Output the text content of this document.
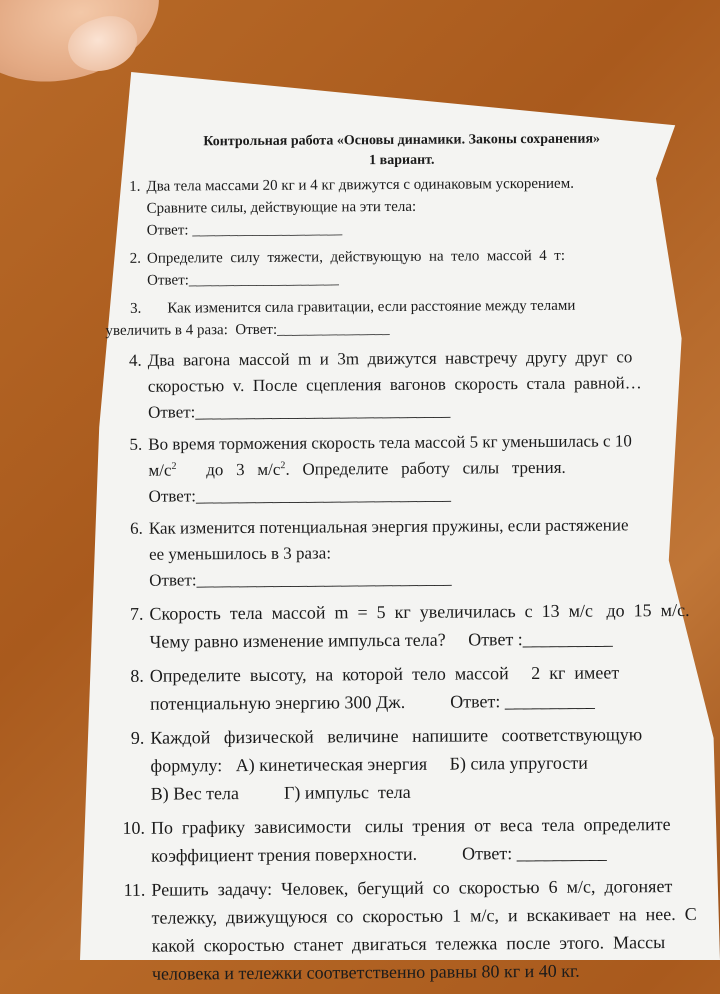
Контрольная работа «Основы динамики. Законы сохранения»
1 вариант.
1. Два тела массами 20 кг и 4 кг движутся с одинаковым ускорением.
Сравните силы, действующие на эти тела:
Ответ: ____________________
2. Определите  силу  тяжести,  действующую  на  тело  массой  4  т:
Ответ:____________________
3.	Как изменится сила гравитации, если расстояние между телами
увеличить в 4 раза:  Ответ:_______________
4. Два  вагона  массой  m  и  3m  движутся  навстречу  другу  друг  со
скоростью  v.  После  сцепления  вагонов  скорость  стала  равной…
Ответ:______________________________
5. Во время торможения скорость тела массой 5 кг уменьшилась с 10
$м/с^2$       до   3   $м/с^2$.   Определите   работу   силы   трения.
Ответ:______________________________
6. Как изменится потенциальная энергия пружины, если растяжение
ее уменьшилось в 3 раза:
Ответ:______________________________
7. Скорость  тела  массой  m  =  5  кг  увеличилась  с  13  м/с   до  15  м/с.
Чему равно изменение импульса тела?     Ответ :__________
8. Определите  высоту,  на  которой  тело  массой     2  кг  имеет
потенциальную энергию 300 Дж.          Ответ: __________
9. Каждой   физической   величине   напишите   соответствующую
формулу:   А) кинетическая энергия     Б) сила упругости
В) Вес тела          Г) импульс  тела
10. По  графику  зависимости   силы  трения  от  веса  тела  определите
коэффициент трения поверхности.          Ответ: __________
11. Решить  задачу:  Человек,  бегущий  со  скоростью  6  м/с,  догоняет
тележку,  движущуюся  со  скоростью  1  м/с,  и  вскакивает  на  нее.  С
какой  скоростью  станет  двигаться  тележка  после  этого.  Массы
человека и тележки соответственно равны 80 кг и 40 кг.
